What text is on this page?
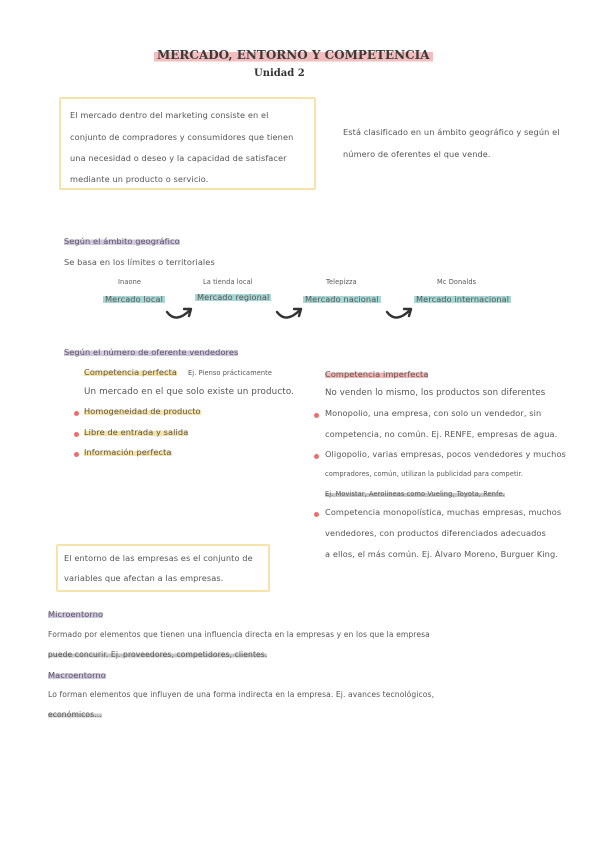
MERCADO, ENTORNO Y COMPETENCIA
Unidad 2
El mercado dentro del marketing consiste en el
conjunto de compradores y consumidores que tienen
una necesidad o deseo y la capacidad de satisfacer
mediante un producto o servicio.
Está clasificado en un ámbito geográfico y según el
número de oferentes el que vende.
Según el ámbito geográfico
Se basa en los límites o territoriales
Inaone	La tienda local	Telepizza	Mc Donalds
Mercado local	Mercado regional	Mercado nacional	Mercado internacional
Según el número de oferente vendedores
Competencia perfecta Ej. Pienso prácticamente
Un mercado en el que solo existe un producto.
Homogeneidad de producto
Libre de entrada y salida
Información perfecta
Competencia imperfecta
No venden lo mismo, los productos son diferentes
Monopolio, una empresa, con solo un vendedor, sin
competencia, no común. Ej. RENFE, empresas de agua.
Oligopolio, varias empresas, pocos vendedores y muchos
compradores, común, utilizan la publicidad para competir.
Ej. Movistar, Aerolíneas como Vueling, Toyota, Renfe.
Competencia monopolística, muchas empresas, muchos
vendedores, con productos diferenciados adecuados
a ellos, el más común. Ej. Álvaro Moreno, Burguer King.
El entorno de las empresas es el conjunto de
variables que afectan a las empresas.
Microentorno
Formado por elementos que tienen una influencia directa en la empresas y en los que la empresa
puede concurir. Ej. proveedores, competidores, clientes.
Macroentorno
Lo forman elementos que influyen de una forma indirecta en la empresa. Ej. avances tecnológicos,
económicos...
